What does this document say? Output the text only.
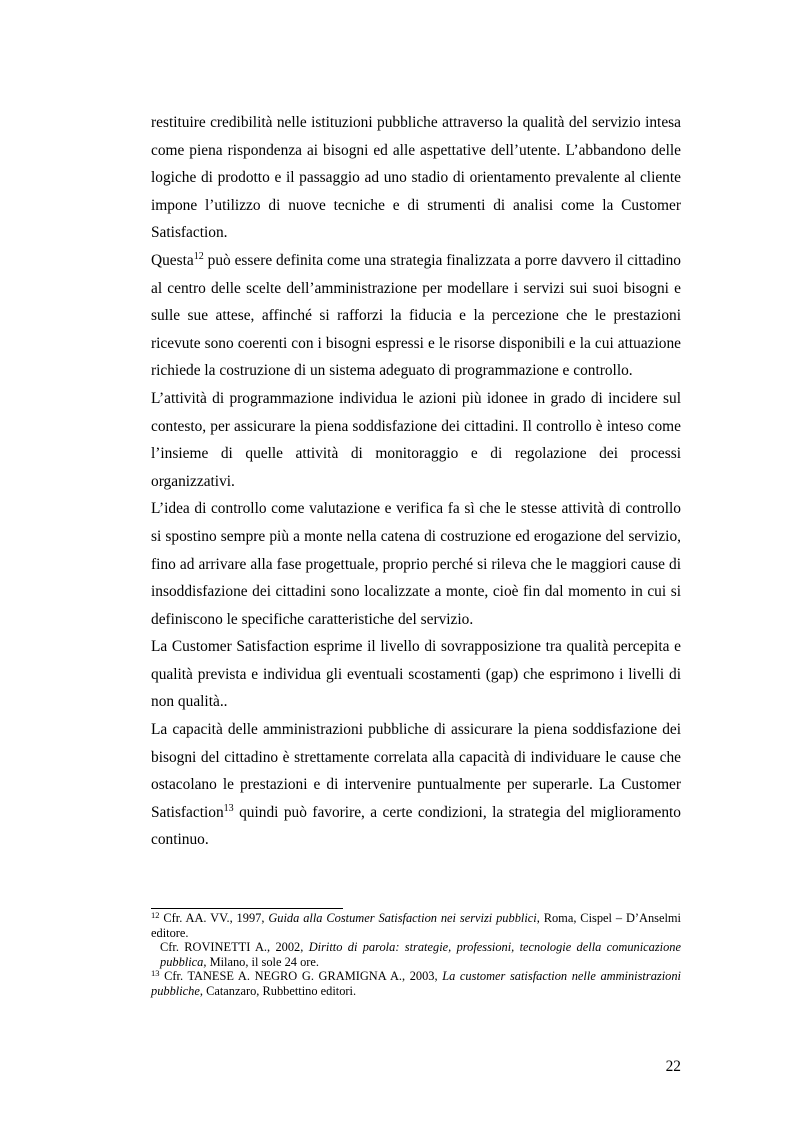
restituire credibilità nelle istituzioni pubbliche attraverso la qualità del servizio intesa come piena rispondenza ai bisogni ed alle aspettative dell’utente. L’abbandono delle logiche di prodotto e il passaggio ad uno stadio di orientamento prevalente al cliente impone l’utilizzo di nuove tecniche e di strumenti di analisi come la Customer Satisfaction.

Questa$^{12}$ può essere definita come una strategia finalizzata a porre davvero il cittadino al centro delle scelte dell’amministrazione per modellare i servizi sui suoi bisogni e sulle sue attese, affinché si rafforzi la fiducia e la percezione che le prestazioni ricevute sono coerenti con i bisogni espressi e le risorse disponibili e la cui attuazione richiede la costruzione di un sistema adeguato di programmazione e controllo.

L’attività di programmazione individua le azioni più idonee in grado di incidere sul contesto, per assicurare la piena soddisfazione dei cittadini. Il controllo è inteso come l’insieme di quelle attività di monitoraggio e di regolazione dei processi organizzativi.

L’idea di controllo come valutazione e verifica fa sì che le stesse attività di controllo si spostino sempre più a monte nella catena di costruzione ed erogazione del servizio, fino ad arrivare alla fase progettuale, proprio perché si rileva che le maggiori cause di insoddisfazione dei cittadini sono localizzate a monte, cioè fin dal momento in cui si definiscono le specifiche caratteristiche del servizio.

La Customer Satisfaction esprime il livello di sovrapposizione tra qualità percepita e qualità prevista e individua gli eventuali scostamenti (gap) che esprimono i livelli di non qualità..

La capacità delle amministrazioni pubbliche di assicurare la piena soddisfazione dei bisogni del cittadino è strettamente correlata alla capacità di individuare le cause che ostacolano le prestazioni e di intervenire puntualmente per superarle. La Customer Satisfaction$^{13}$ quindi può favorire, a certe condizioni, la strategia del miglioramento continuo.

$^{12}$ Cfr. AA. VV., 1997, Guida alla Costumer Satisfaction nei servizi pubblici, Roma, Cispel – D’Anselmi editore.

Cfr. ROVINETTI A., 2002, Diritto di parola: strategie, professioni, tecnologie della comunicazione pubblica, Milano, il sole 24 ore.

$^{13}$ Cfr. TANESE A. NEGRO G. GRAMIGNA A., 2003, La customer satisfaction nelle amministrazioni pubbliche, Catanzaro, Rubbettino editori.

22
